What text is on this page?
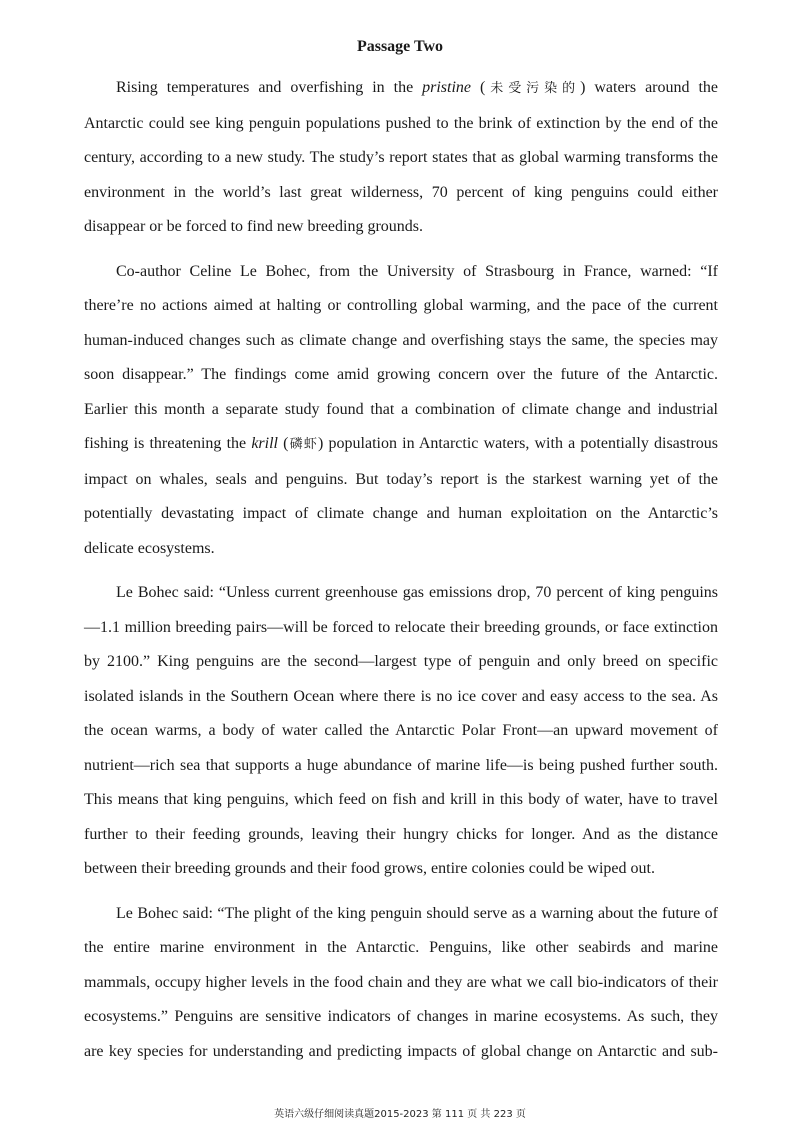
Passage Two
Rising temperatures and overfishing in the pristine (未受污染的) waters around the
Antarctic could see king penguin populations pushed to the brink of extinction by the end of the
century, according to a new study. The study’s report states that as global warming transforms the
environment in the world’s last great wilderness, 70 percent of king penguins could either
disappear or be forced to find new breeding grounds.
Co-author Celine Le Bohec, from the University of Strasbourg in France, warned: “If
there’re no actions aimed at halting or controlling global warming, and the pace of the current
human-induced changes such as climate change and overfishing stays the same, the species may
soon disappear.” The findings come amid growing concern over the future of the Antarctic.
Earlier this month a separate study found that a combination of climate change and industrial
fishing is threatening the krill (磷虾) population in Antarctic waters, with a potentially disastrous
impact on whales, seals and penguins. But today’s report is the starkest warning yet of the
potentially devastating impact of climate change and human exploitation on the Antarctic’s
delicate ecosystems.
Le Bohec said: “Unless current greenhouse gas emissions drop, 70 percent of king penguins
—1.1 million breeding pairs—will be forced to relocate their breeding grounds, or face extinction
by 2100.” King penguins are the second—largest type of penguin and only breed on specific
isolated islands in the Southern Ocean where there is no ice cover and easy access to the sea. As
the ocean warms, a body of water called the Antarctic Polar Front—an upward movement of
nutrient—rich sea that supports a huge abundance of marine life—is being pushed further south.
This means that king penguins, which feed on fish and krill in this body of water, have to travel
further to their feeding grounds, leaving their hungry chicks for longer. And as the distance
between their breeding grounds and their food grows, entire colonies could be wiped out.
Le Bohec said: “The plight of the king penguin should serve as a warning about the future of
the entire marine environment in the Antarctic. Penguins, like other seabirds and marine
mammals, occupy higher levels in the food chain and they are what we call bio-indicators of their
ecosystems.” Penguins are sensitive indicators of changes in marine ecosystems. As such, they
are key species for understanding and predicting impacts of global change on Antarctic and sub-
英语六级仔细阅读真题2015-2023 第 111 页 共 223 页
